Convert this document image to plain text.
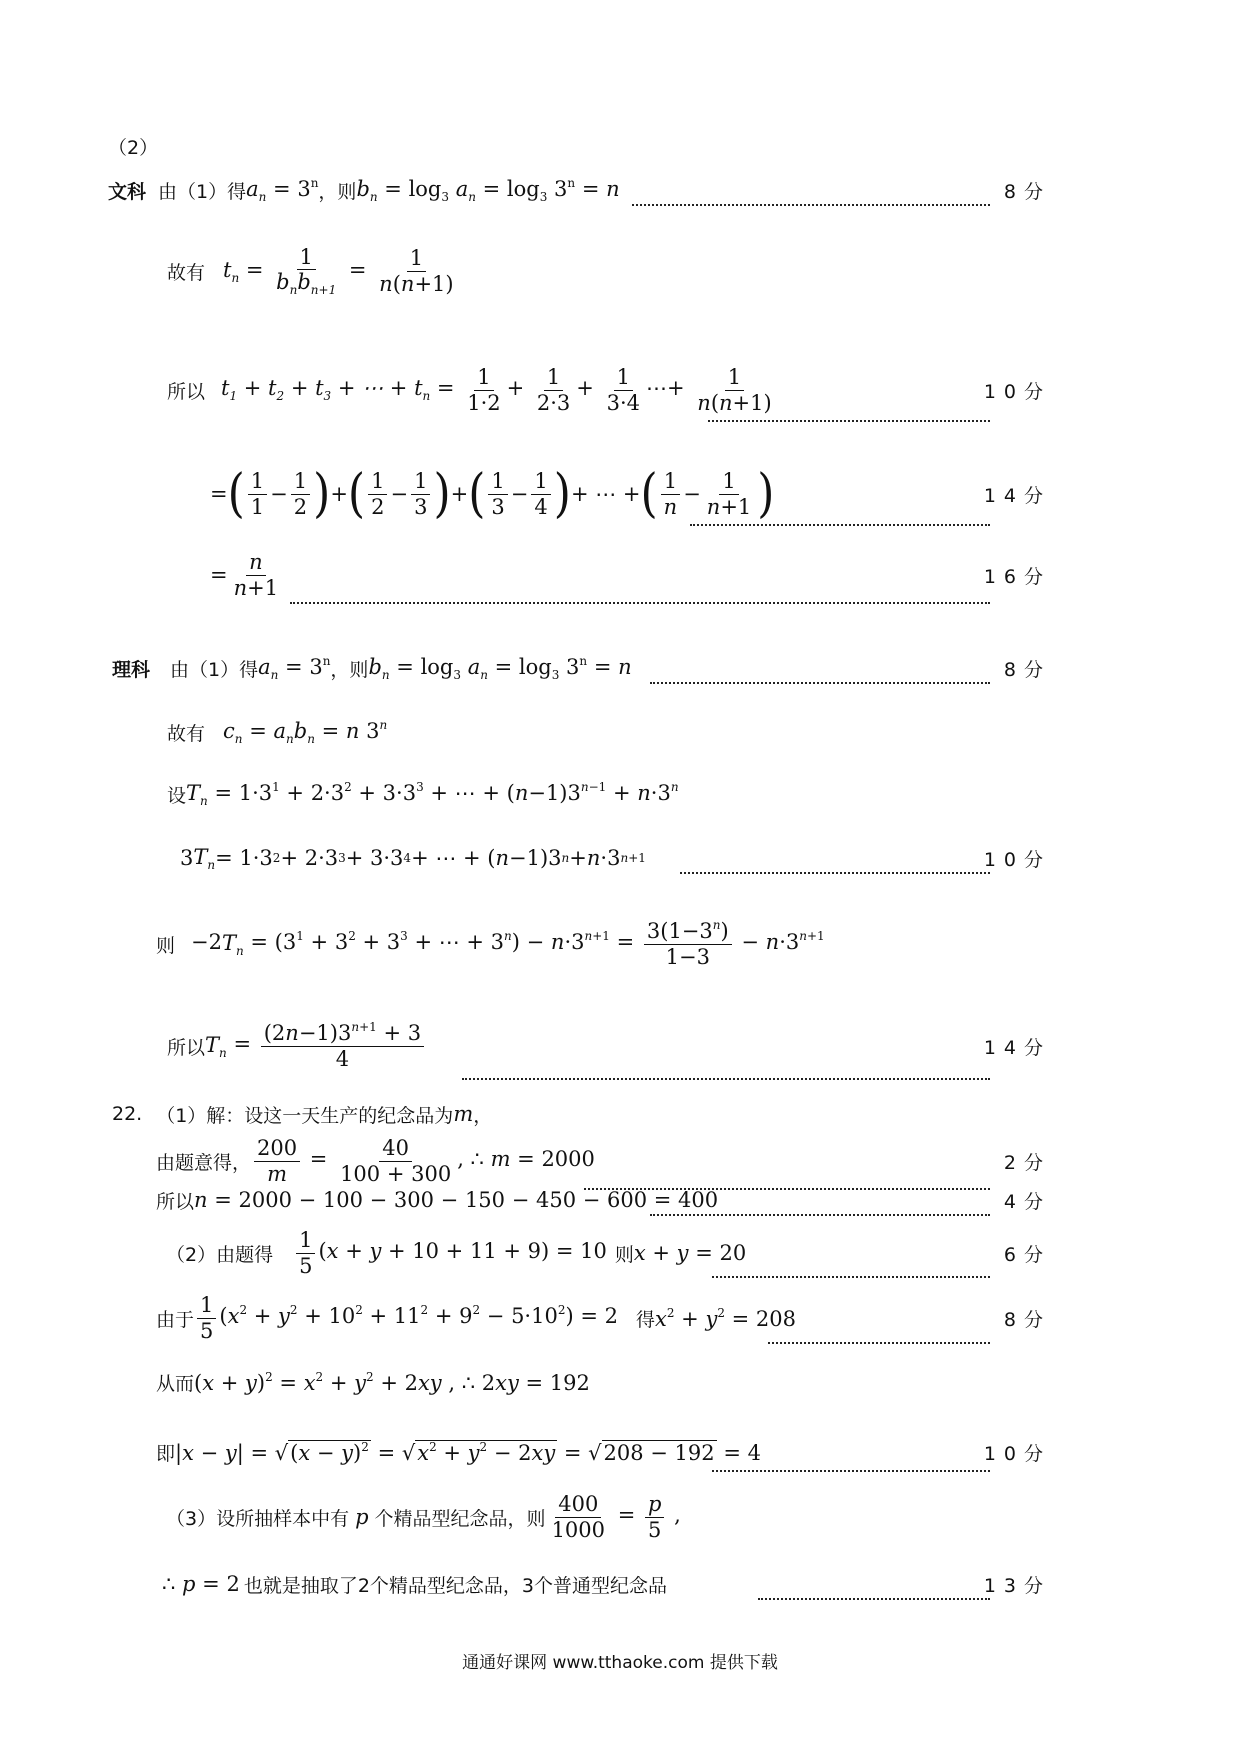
（2）
文科 由（1）得 $a_n = 3^n$ ，则 $b_n = \log_3 a_n = \log_3 3^n = n$	8分
故有 $t_n = \frac{1}{b_nb_{n+1}} = \frac{1}{n(n+1)}$
所以 $t_1 + t_2 + t_3$ + ⋯ + $t_n = \frac{1}{1\cdot 2} + \frac{1}{2\cdot 3} + \frac{1}{3\cdot 4}$ ⋯+ $\frac{1}{n(n+1)}$	10分
= ( $\frac{1}{1} - \frac{1}{2}$ ) + ( $\frac{1}{2} - \frac{1}{3}$ ) + ( $\frac{1}{3} - \frac{1}{4}$ ) + ⋯ + ( $\frac{1}{n} - \frac{1}{n+1}$ )	14分
= $\frac{n}{n+1}$	16分
理科 由（1）得 $a_n = 3^n$ ，则 $b_n = \log_3 a_n = \log_3 3^n = n$	8分
故有 $c_n = a_nb_n = n$ 3$^n$
设 $T_n = 1\cdot 3^1 + 2\cdot 3^2 + 3\cdot 3^3$ + ⋯ + $(n-1)3^{n-1} + n\cdot 3^n$
3 $T_n = 1\cdot 3$ 2 + 2·3 3 + 3·3 4 + ⋯ + ( n −1)3 n + n ·3 n+1	10分
则 $-2T_n = (3^1 + 3^2 + 3^3$ + ⋯ + $3^n) - n\cdot 3^{n+1} = \frac{3(1-3^n)}{1-3} - n\cdot 3^{n+1}$
所以 $T_n = \frac{(2n-1)3^{n+1} + 3}{4}$	14分
22. （1）解：设这一天生产的纪念品为 m ，
由题意得， $\frac{200}{m} = \frac{40}{100 + 300}$ , ∴ m = 2000	2分
所以 n = 2000 − 100 − 300 − 150 − 450 − 600 = 400	4分
（2）由题得 $\frac{1}{5} (x + y + 10 + 11 + 9) = 10$ 则 x + y = 20	6分
由于 $\frac{1}{5} (x^2 + y^2 + 10^2 + 11^2 + 9^2 - 5\cdot 10^2) = 2$ 得 $x^2 + y^2 = 208$	8分
从而 $(x + y)^2 = x^2 + y^2 + 2xy$ , ∴ 2xy = 192
即 $|x - y| = √(x - y)^2 = √x^2 + y^2 - 2xy = √208 - 192 = 4$	10分
（3）设所抽样本中有 p 个精品型纪念品，则 $\frac{400}{1000} = \frac{p}{5}$ ,
∴ p = 2 也就是抽取了2个精品型纪念品，3个普通型纪念品	13分
通通好课网 www.tthaoke.com 提供下载
